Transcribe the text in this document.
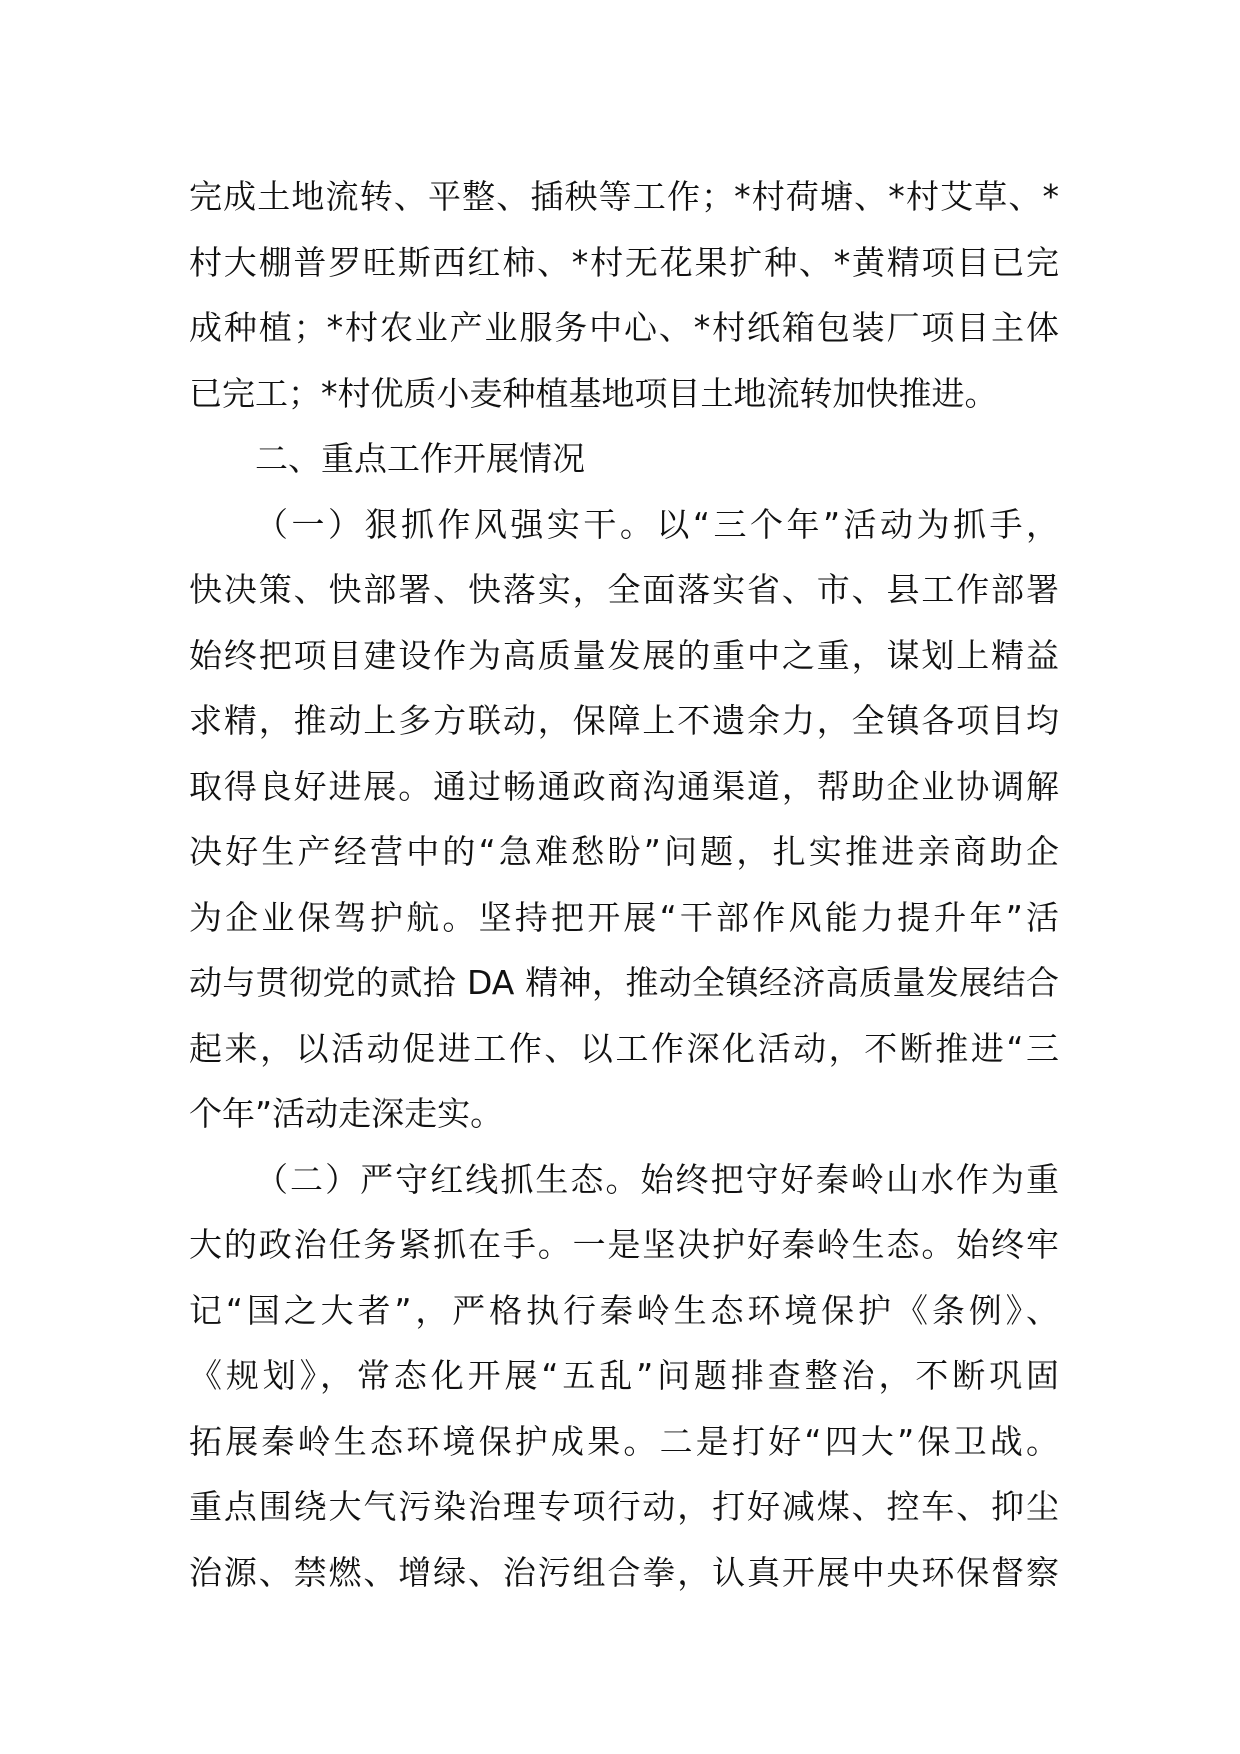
完成土地流转、平整、插秧等工作；*村荷塘、*村艾草、*
村大棚普罗旺斯西红柿、*村无花果扩种、*黄精项目已完
成种植；*村农业产业服务中心、*村纸箱包装厂项目主体
已完工；*村优质小麦种植基地项目土地流转加快推进。
二、重点工作开展情况
（一）狠抓作风强实干。以“三个年”活动为抓手，
快决策、快部署、快落实，全面落实省、市、县工作部署
始终把项目建设作为高质量发展的重中之重，谋划上精益
求精，推动上多方联动，保障上不遗余力，全镇各项目均
取得良好进展。通过畅通政商沟通渠道，帮助企业协调解
决好生产经营中的“急难愁盼”问题，扎实推进亲商助企
为企业保驾护航。坚持把开展“干部作风能力提升年”活
动与贯彻党的贰拾 DA 精神，推动全镇经济高质量发展结合
起来，以活动促进工作、以工作深化活动，不断推进“三
个年”活动走深走实。
（二）严守红线抓生态。始终把守好秦岭山水作为重
大的政治任务紧抓在手。一是坚决护好秦岭生态。始终牢
记“国之大者”，严格执行秦岭生态环境保护《条例》、
《规划》，常态化开展“五乱”问题排查整治，不断巩固
拓展秦岭生态环境保护成果。二是打好“四大”保卫战。
重点围绕大气污染治理专项行动，打好减煤、控车、抑尘
治源、禁燃、增绿、治污组合拳，认真开展中央环保督察
